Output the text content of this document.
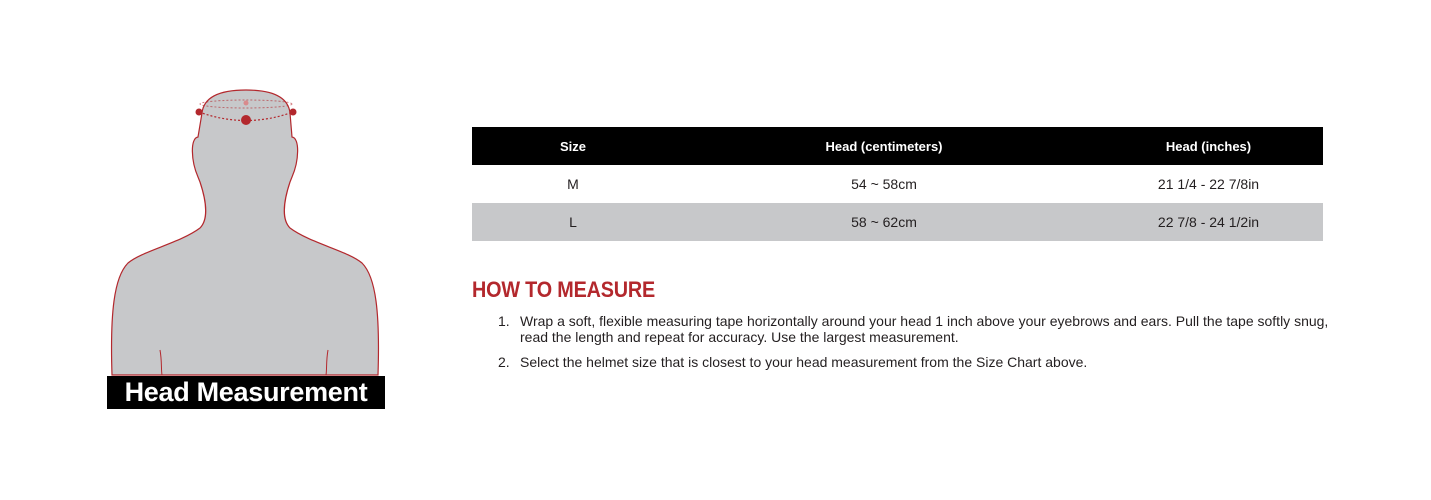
Head Measurement
Size	Head (centimeters)	Head (inches)
M	54 ~ 58cm	21 1/4 - 22 7/8in
L	58 ~ 62cm	22 7/8 - 24 1/2in
HOW TO MEASURE
1. Wrap a soft, flexible measuring tape horizontally around your head 1 inch above your eyebrows and ears. Pull the tape softly snug, read the length and repeat for accuracy. Use the largest measurement.
2. Select the helmet size that is closest to your head measurement from the Size Chart above.
